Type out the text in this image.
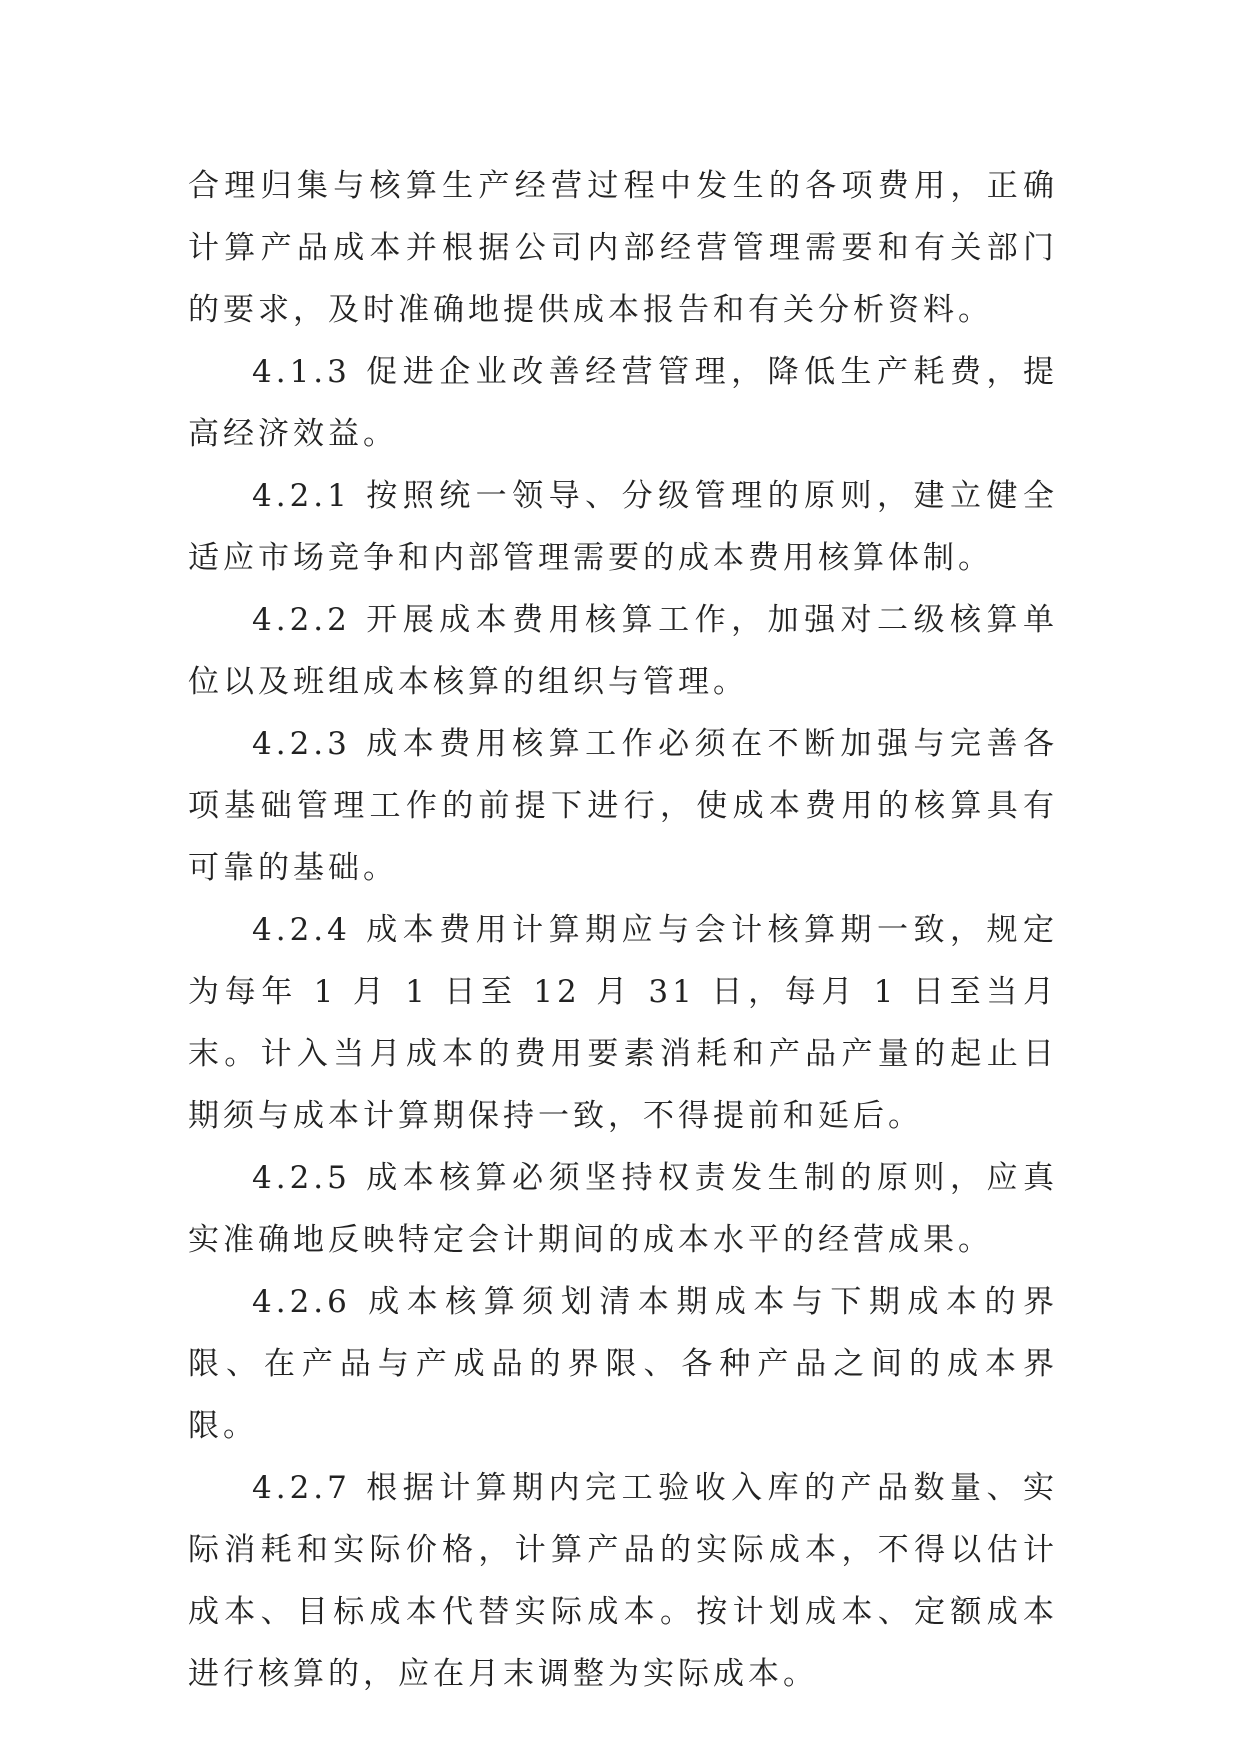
合理归集与核算生产经营过程中发生的各项费用，正确计算产品成本并根据公司内部经营管理需要和有关部门的要求，及时准确地提供成本报告和有关分析资料。

4.1.3 促进企业改善经营管理，降低生产耗费，提高经济效益。

4.2.1 按照统一领导、分级管理的原则，建立健全适应市场竞争和内部管理需要的成本费用核算体制。

4.2.2 开展成本费用核算工作，加强对二级核算单位以及班组成本核算的组织与管理。

4.2.3 成本费用核算工作必须在不断加强与完善各项基础管理工作的前提下进行，使成本费用的核算具有可靠的基础。

4.2.4 成本费用计算期应与会计核算期一致，规定为每年 1 月 1 日至 12 月 31 日，每月 1 日至当月末。计入当月成本的费用要素消耗和产品产量的起止日期须与成本计算期保持一致，不得提前和延后。

4.2.5 成本核算必须坚持权责发生制的原则，应真实准确地反映特定会计期间的成本水平的经营成果。

4.2.6 成本核算须划清本期成本与下期成本的界限、在产品与产成品的界限、各种产品之间的成本界限。

4.2.7 根据计算期内完工验收入库的产品数量、实际消耗和实际价格，计算产品的实际成本，不得以估计成本、目标成本代替实际成本。按计划成本、定额成本进行核算的，应在月末调整为实际成本。
